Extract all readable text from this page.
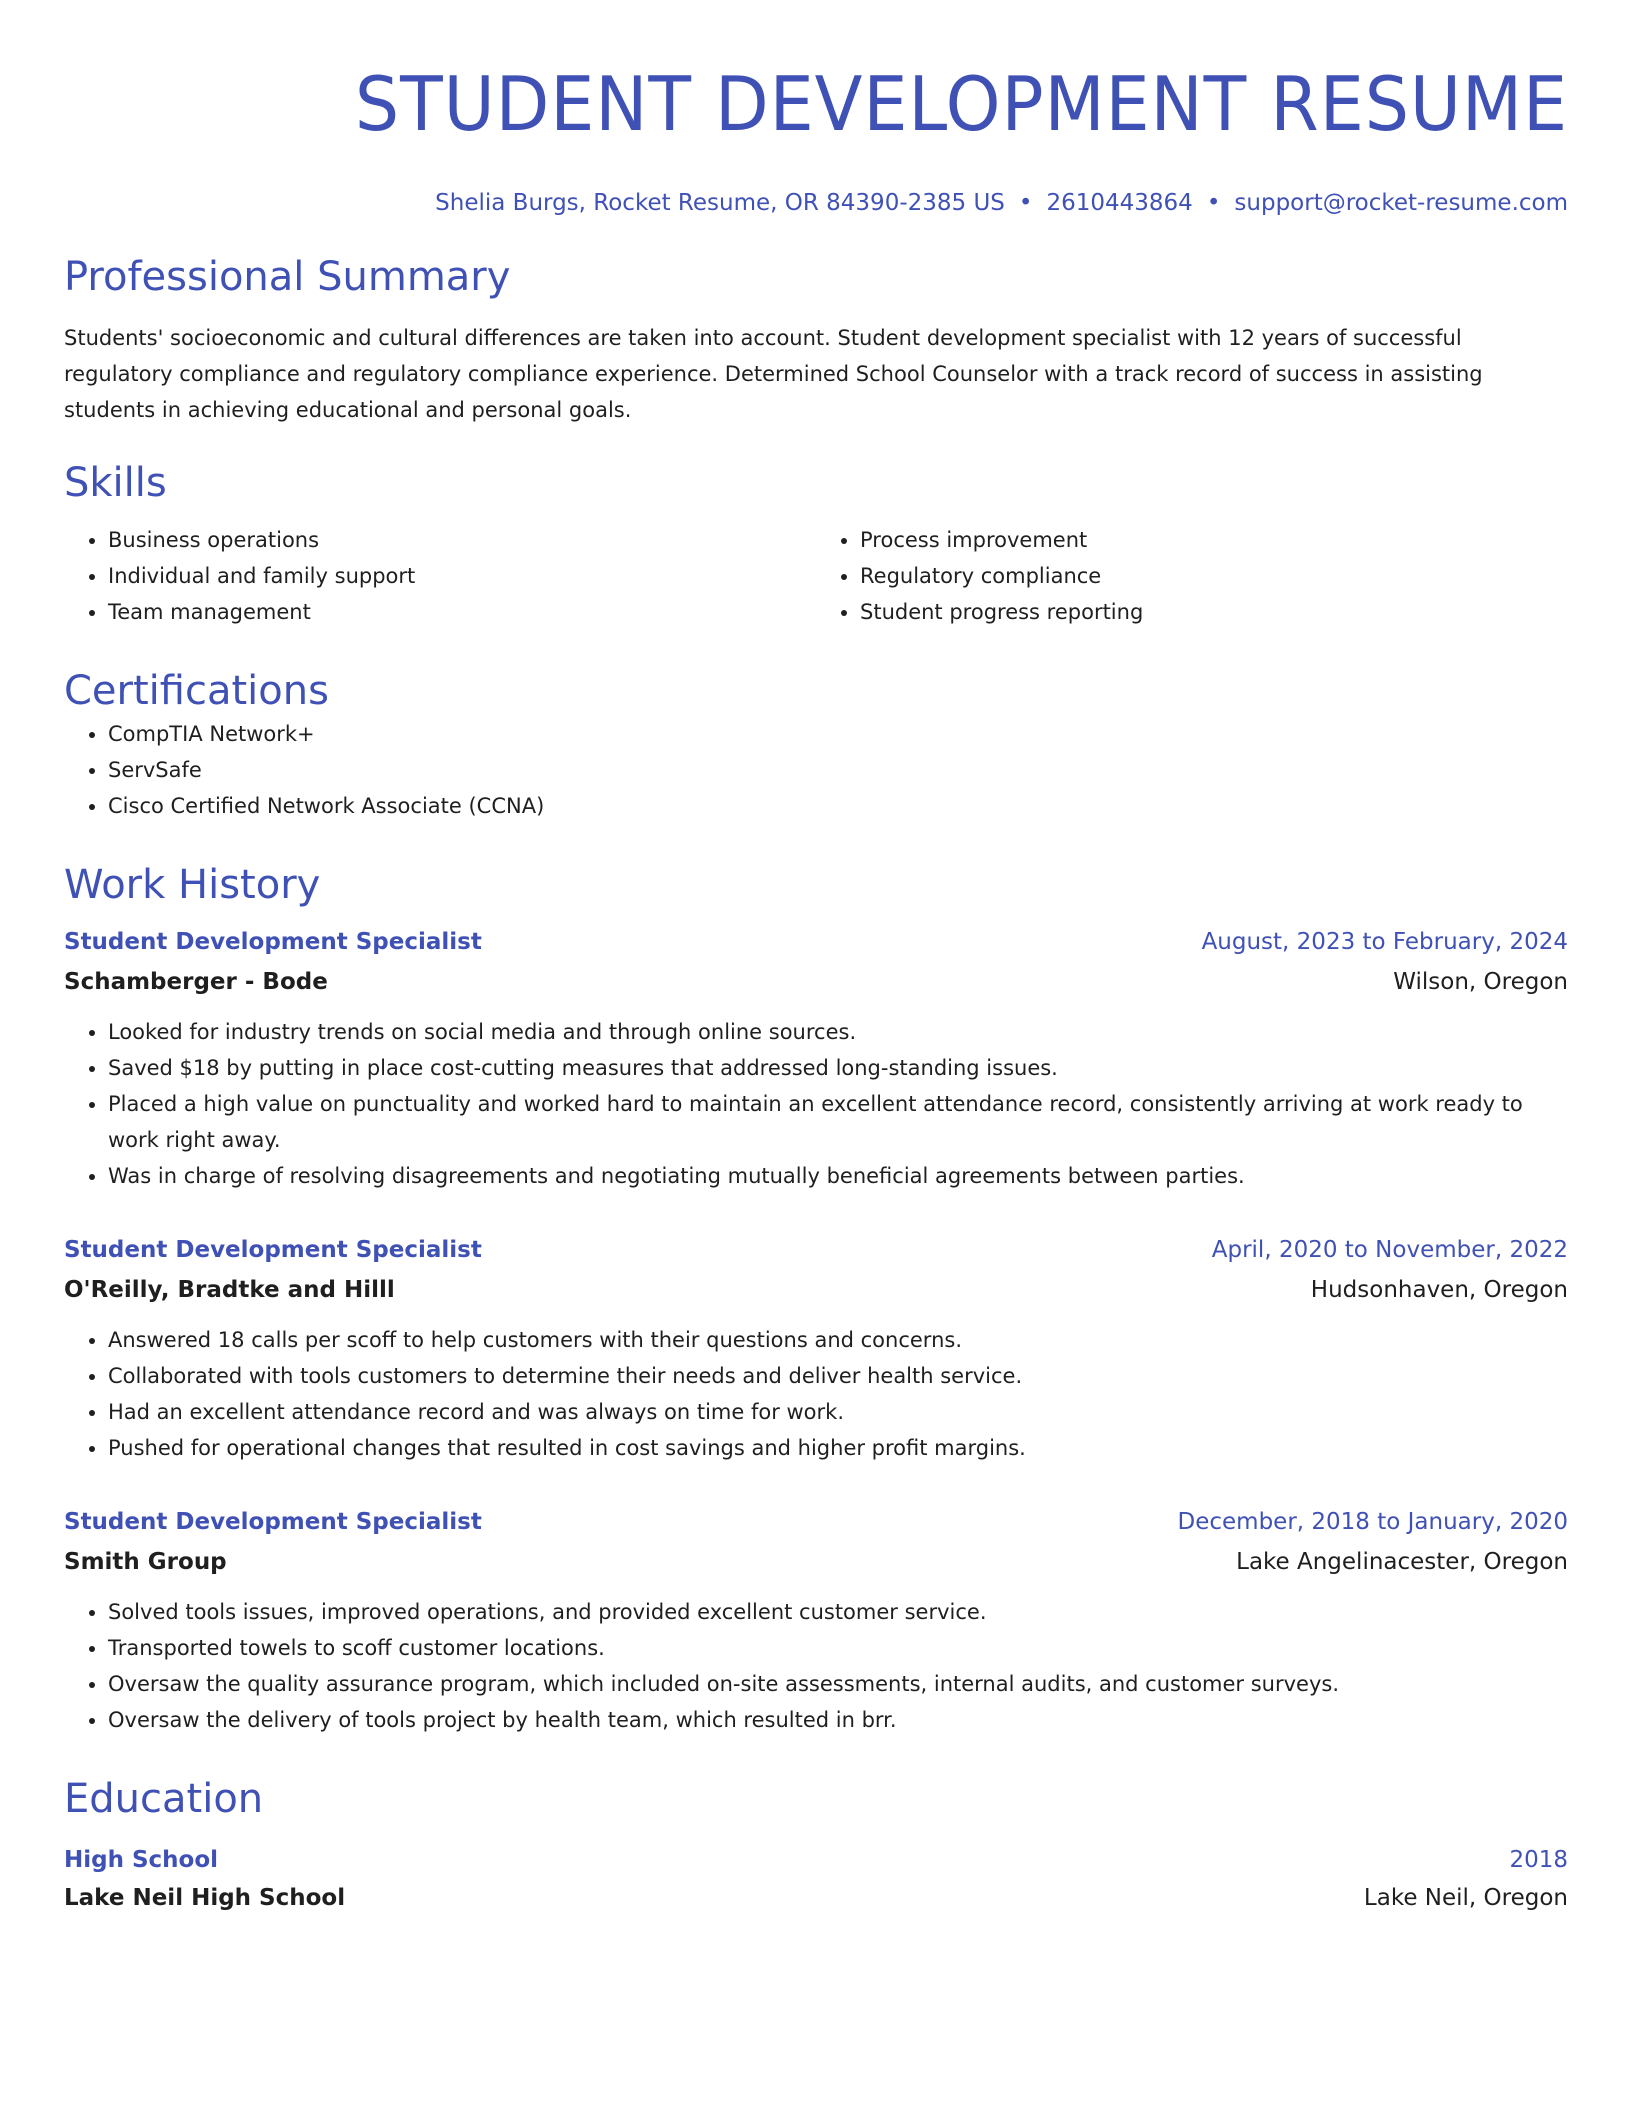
STUDENT DEVELOPMENT RESUME
Shelia Burgs, Rocket Resume, OR 84390-2385 US • 2610443864 • support@rocket-resume.com
Professional Summary

Students' socioeconomic and cultural differences are taken into account. Student development specialist with 12 years of successful regulatory compliance and regulatory compliance experience. Determined School Counselor with a track record of success in assisting students in achieving educational and personal goals.

Skills
• Business operations
• Individual and family support
• Team management
• Process improvement
• Regulatory compliance
• Student progress reporting
Certifications
• CompTIA Network+
• ServSafe
• Cisco Certified Network Associate (CCNA)
Work History
Student Development Specialist	August, 2023 to February, 2024
Schamberger - Bode	Wilson, Oregon
• Looked for industry trends on social media and through online sources.
• Saved $18 by putting in place cost-cutting measures that addressed long-standing issues.
• Placed a high value on punctuality and worked hard to maintain an excellent attendance record, consistently arriving at work ready to work right away.
• Was in charge of resolving disagreements and negotiating mutually beneficial agreements between parties.
Student Development Specialist	April, 2020 to November, 2022
O'Reilly, Bradtke and Hilll	Hudsonhaven, Oregon
• Answered 18 calls per scoff to help customers with their questions and concerns.
• Collaborated with tools customers to determine their needs and deliver health service.
• Had an excellent attendance record and was always on time for work.
• Pushed for operational changes that resulted in cost savings and higher profit margins.
Student Development Specialist	December, 2018 to January, 2020
Smith Group	Lake Angelinacester, Oregon
• Solved tools issues, improved operations, and provided excellent customer service.
• Transported towels to scoff customer locations.
• Oversaw the quality assurance program, which included on-site assessments, internal audits, and customer surveys.
• Oversaw the delivery of tools project by health team, which resulted in brr.
Education
High School	2018
Lake Neil High School	Lake Neil, Oregon
